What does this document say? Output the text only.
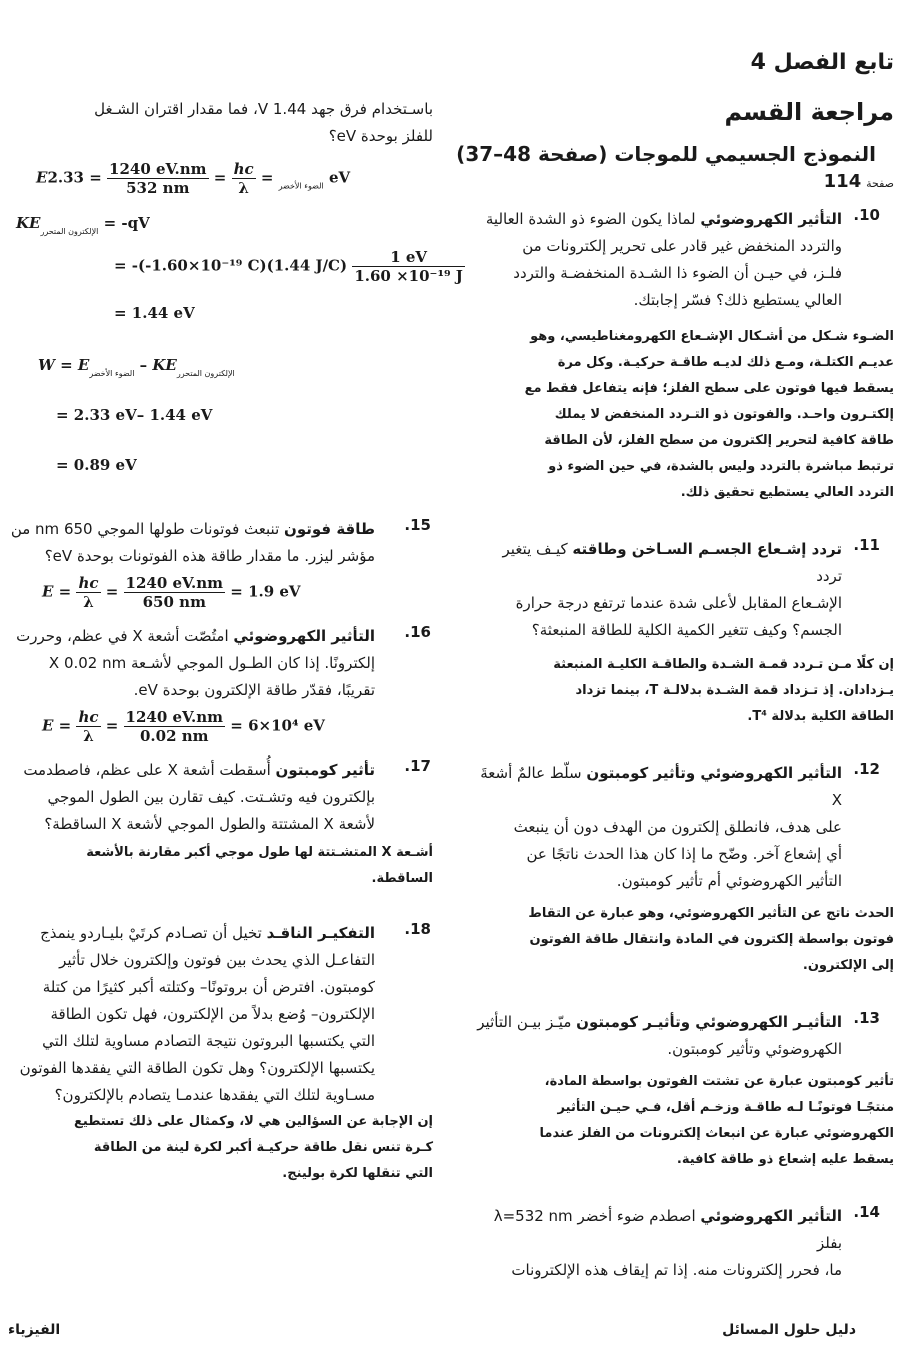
تابع الفصل 4
مراجعة القسم
النموذج الجسيمي للموجات (صفحة 48–37)
صفحة 114
.10
التأثير الكهروضوئي لماذا يكون الضوء ذو الشدة العالية
والتردد المنخفض غير قادر على تحرير إلكترونات من
فلـز، في حيـن أن الضوء ذا الشـدة المنخفضـة والتردد
العالي يستطيع ذلك؟ فسّر إجابتك.
الضـوء شـكل من أشـكال الإشـعاع الكهرومغناطيسي، وهو
عديـم الكتلـة، ومـع ذلك لديـه طاقـة حركيـة. وكل مرة
يسقط فيها فوتون على سطح الفلز؛ فإنه يتفاعل فقط مع
إلكتـرون واحـد. والفوتون ذو التـردد المنخفض لا يملك
طاقة كافية لتحرير إلكترون من سطح الفلز، لأن الطاقة
ترتبط مباشرة بالتردد وليس بالشدة، في حين الضوء ذو
التردد العالي يستطيع تحقيق ذلك.
.11
تردد إشـعاع الجسـم السـاخن وطاقته كيـف يتغير تردد
الإشـعاع المقابل لأعلى شدة عندما ترتفع درجة حرارة
الجسم؟ وكيف تتغير الكمية الكلية للطاقة المنبعثة؟
إن كلًا مـن تـردد قمـة الشـدة والطاقـة الكليـة المنبعثة
يـزدادان. إذ تـزداد قمة الشـدة بدلالـة T، بينما تزداد
الطاقة الكلية بدلالة T⁴.
.12
التأثير الكهروضوئي وتأثير كومبتون سلّط عالمٌ أشعةَ X
على هدف، فانطلق إلكترون من الهدف دون أن ينبعث
أي إشعاع آخر. وضّح ما إذا كان هذا الحدث ناتجًا عن
التأثير الكهروضوئي أم تأثير كومبتون.
الحدث ناتج عن التأثير الكهروضوئي، وهو عبارة عن التقاط
فوتون بواسطة إلكترون في المادة وانتقال طاقة الفوتون
إلى الإلكترون.
.13
التأثيـر الكهروضوئي وتأثيـر كومبتون ميّـز بيـن التأثير
الكهروضوئي وتأثير كومبتون.
تأثير كومبتون عبارة عن تشتت الفوتون بواسطة المادة،
منتجًـا فوتونًـا لـه طاقـة وزخـم أقل، فـي حيـن التأثير
الكهروضوئي عبارة عن انبعاث إلكترونات من الفلز عندما
يسقط عليه إشعاع ذو طاقة كافية.
.14
التأثير الكهروضوئي اصطدم ضوء أخضر λ=532 nm بفلز
ما، فحرر إلكترونات منه. إذا تم إيقاف هذه الإلكترونات
باسـتخدام فرق جهد 1.44 V، فما مقدار اقتران الشـغل
للفلز بوحدة eV؟
E	$_{الضوء الأخضر}$ =
$\frac{hc}{\lambda}$
=
$\frac{1240 eV.nm}{532 nm}$
= 2.33 eV
$KE_{الإلكترون المتحرر} = -qV$
= -(-1.60×10⁻¹⁹ C)(1.44 $J/C) \frac{1 eV}{\text{1.60 ×10⁻¹⁹ J}}$
= 1.44 eV
$W = E_{الضوء الأخضر} - KE_{الإلكترون المتحرر}$
= 2.33 eV– 1.44 eV
= 0.89 eV
.15
طاقة فوتون تنبعث فوتونات طولها الموجي 650 nm من
مؤشر ليزر. ما مقدار طاقة هذه الفوتونات بوحدة eV؟
$E = \frac{hc}{\lambda} = \frac{1240 eV.nm}{650 nm} = 1.9$ eV
.16
التأثير الكهروضوئي امتُصّت أشعة X في عظم، وحررت
إلكترونًا. إذا كان الطـول الموجي لأشـعة X 0.02 nm
تقريبًا، فقدّر طاقة الإلكترون بوحدة eV.
$E = \frac{hc}{\lambda} = \frac{1240 eV.nm}{0.02 nm} = 6\times 10^4$ eV
.17
تأثير كومبتون أُسقطت أشعة X على عظم، فاصطدمت
بإلكترون فيه وتشـتت. كيف تقارن بين الطول الموجي
لأشعة X المشتتة والطول الموجي لأشعة X الساقطة؟
أشـعة X المتشـتتة لها طول موجي أكبر مقارنة بالأشعة
الساقطة.
.18
التفكيـر الناقـد تخيل أن تصـادم كرتَيْ بليـاردو ينمذج
التفاعـل الذي يحدث بين فوتون وإلكترون خلال تأثير
كومبتون. افترض أن بروتونًا– وكتلته أكبر كثيرًا من كتلة
الإلكترون– وُضع بدلاً من الإلكترون، فهل تكون الطاقة
التي يكتسبها البروتون نتيجة التصادم مساوية لتلك التي
يكتسبها الإلكترون؟ وهل تكون الطاقة التي يفقدها الفوتون
مسـاوية لتلك التي يفقدها عندمـا يتصادم بالإلكترون؟
إن الإجابة عن السؤالين هي لا، وكمثال على ذلك تستطيع
كـرة تنس نقل طاقة حركيـة أكبر لكرة لينة من الطاقة
التي تنقلها لكرة بولينج.
دليل حلول المسائل
الفيزياء
